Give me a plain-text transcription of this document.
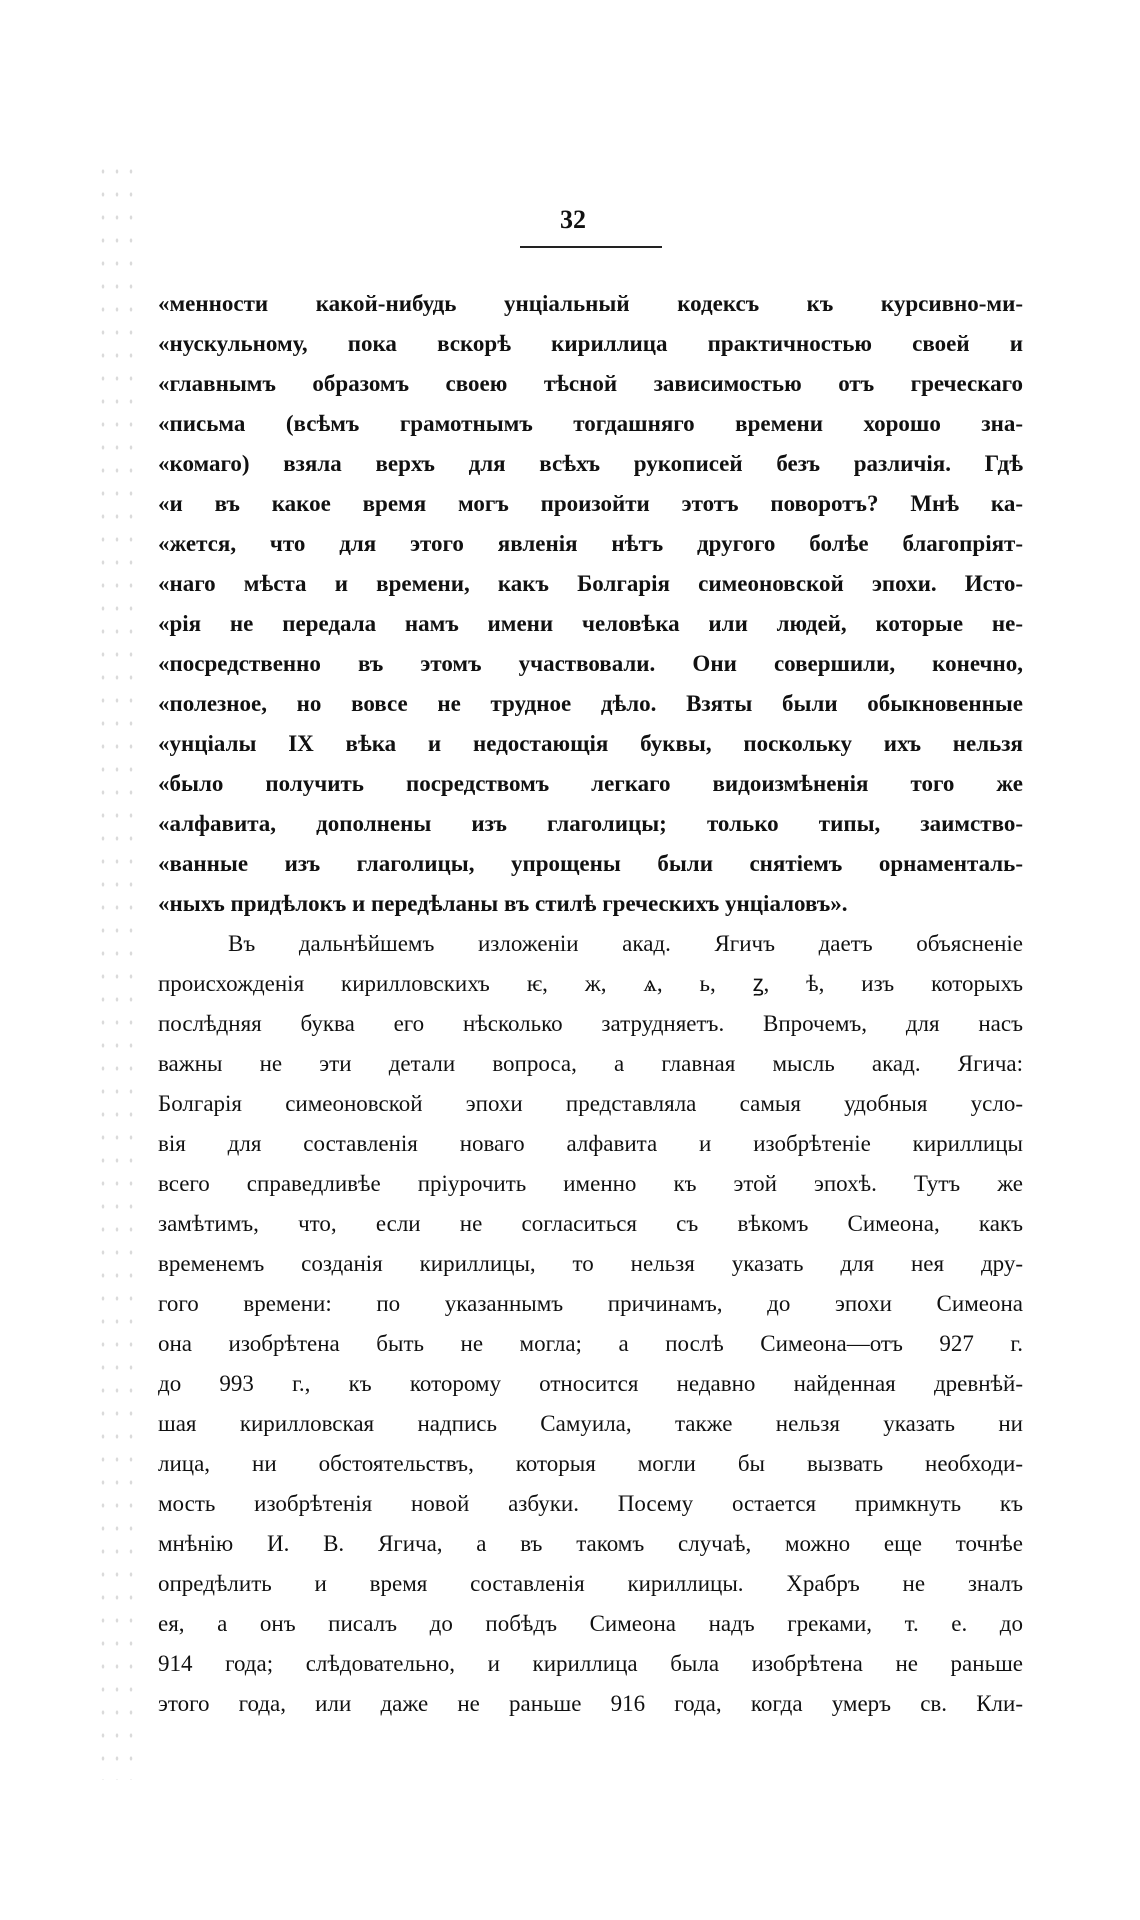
32
«менности какой-нибудь унціальный кодексъ къ курсивно-ми-
«нускульному, пока вскорѣ кириллица практичностью своей и
«главнымъ образомъ своею тѣсной зависимостью отъ греческаго
«письма (всѣмъ грамотнымъ тогдашняго времени хорошо зна-
«комаго) взяла верхъ для всѣхъ рукописей безъ различія. Гдѣ
«и въ какое время могъ произойти этотъ поворотъ? Мнѣ ка-
«жется, что для этого явленія нѣтъ другого болѣе благопріят-
«наго мѣста и времени, какъ Болгарія симеоновской эпохи. Исто-
«рія не передала намъ имени человѣка или людей, которые не-
«посредственно въ этомъ участвовали. Они совершили, конечно,
«полезное, но вовсе не трудное дѣло. Взяты были обыкновенные
«унціалы IX вѣка и недостающія буквы, поскольку ихъ нельзя
«было получить посредствомъ легкаго видоизмѣненія того же
«алфавита, дополнены изъ глаголицы; только типы, заимство-
«ванные изъ глаголицы, упрощены были снятіемъ орнаменталь-
«ныхъ придѣлокъ и передѣланы въ стилѣ греческихъ унціаловъ».
Въ дальнѣйшемъ изложеніи акад. Ягичъ даетъ объясненіе
происхожденія кирилловскихъ ѥ, ж, ѧ, ь, ꙁ, ѣ, изъ которыхъ
послѣдняя буква его нѣсколько затрудняетъ. Впрочемъ, для насъ
важны не эти детали вопроса, а главная мысль акад. Ягича:
Болгарія симеоновской эпохи представляла самыя удобныя усло-
вія для составленія новаго алфавита и изобрѣтеніе кириллицы
всего справедливѣе пріурочить именно къ этой эпохѣ. Тутъ же
замѣтимъ, что, если не согласиться съ вѣкомъ Симеона, какъ
временемъ созданія кириллицы, то нельзя указать для нея дру-
гого времени: по указаннымъ причинамъ, до эпохи Симеона
она изобрѣтена быть не могла; а послѣ Симеона—отъ 927 г.
до 993 г., къ которому относится недавно найденная древнѣй-
шая кирилловская надпись Самуила, также нельзя указать ни
лица, ни обстоятельствъ, которыя могли бы вызвать необходи-
мость изобрѣтенія новой азбуки. Посему остается примкнуть къ
мнѣнію И. В. Ягича, а въ такомъ случаѣ, можно еще точнѣе
опредѣлить и время составленія кириллицы. Храбръ не зналъ
ея, а онъ писалъ до побѣдъ Симеона надъ греками, т. е. до
914 года; слѣдовательно, и кириллица была изобрѣтена не раньше
этого года, или даже не раньше 916 года, когда умеръ св. Кли-
